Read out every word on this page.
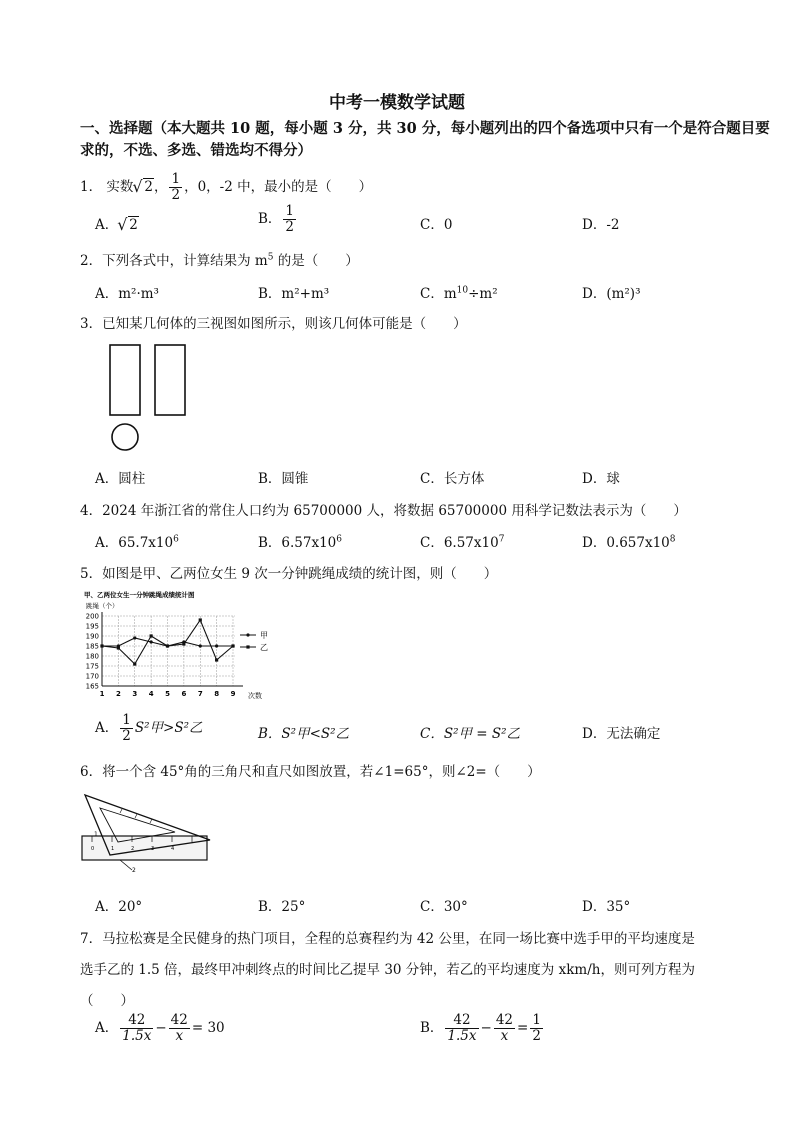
中考一模数学试题
一、选择题（本大题共 10 题，每小题 3 分，共 30 分，每小题列出的四个备选项中只有一个是符合题目要求的，不选、多选、错选均不得分）
1． 实数 √ 2， $\frac{1}{2}$ ，0，-2 中，最小的是（　　）
A． √ 2	B． $\frac{1}{2}$	C．0	D．-2
2．下列各式中，计算结果为 $m^5$ 的是（　　）
A．m²·m³	B．m²+m³	C．$m^{10}\div m^2$	D．(m²)³
3．已知某几何体的三视图如图所示，则该几何体可能是（　　）
A．圆柱	B．圆锥	C．长方体	D．球
4．2024 年浙江省的常住人口约为 65700000 人，将数据 65700000 用科学记数法表示为（　　）
A．$65.7x10^6$	B．$6.57x10^6$	C．$6.57x10^7$	D．$0.657x10^8$
5．如图是甲、乙两位女生 9 次一分钟跳绳成绩的统计图，则（　　）
甲、乙两位女生一分钟跳绳成绩统计图
跳绳（个）
次数
165
170
175
180
185
190
195
200
1 2 3 4 5 6 7 8 9
甲
乙
A． $\frac{1}{2} S^2$甲>S²乙	B．S²甲<S²乙	C．S²甲 = S²乙	D．无法确定
6．将一个含 45°角的三角尺和直尺如图放置，若∠1=65°，则∠2=（　　）
0	1	2	3	4
1
2
A．20°	B．25°	C．30°	D．35°
7．马拉松赛是全民健身的热门项目，全程的总赛程约为 42 公里，在同一场比赛中选手甲的平均速度是
选手乙的 1.5 倍，最终甲冲刺终点的时间比乙提早 30 分钟，若乙的平均速度为 xkm/h，则可列方程为
（　　）
A． $\frac{42}{1.5x} - \frac{42}{x} = 30$	B． $\frac{42}{1.5x} - \frac{42}{x} = \frac{1}{2}$
